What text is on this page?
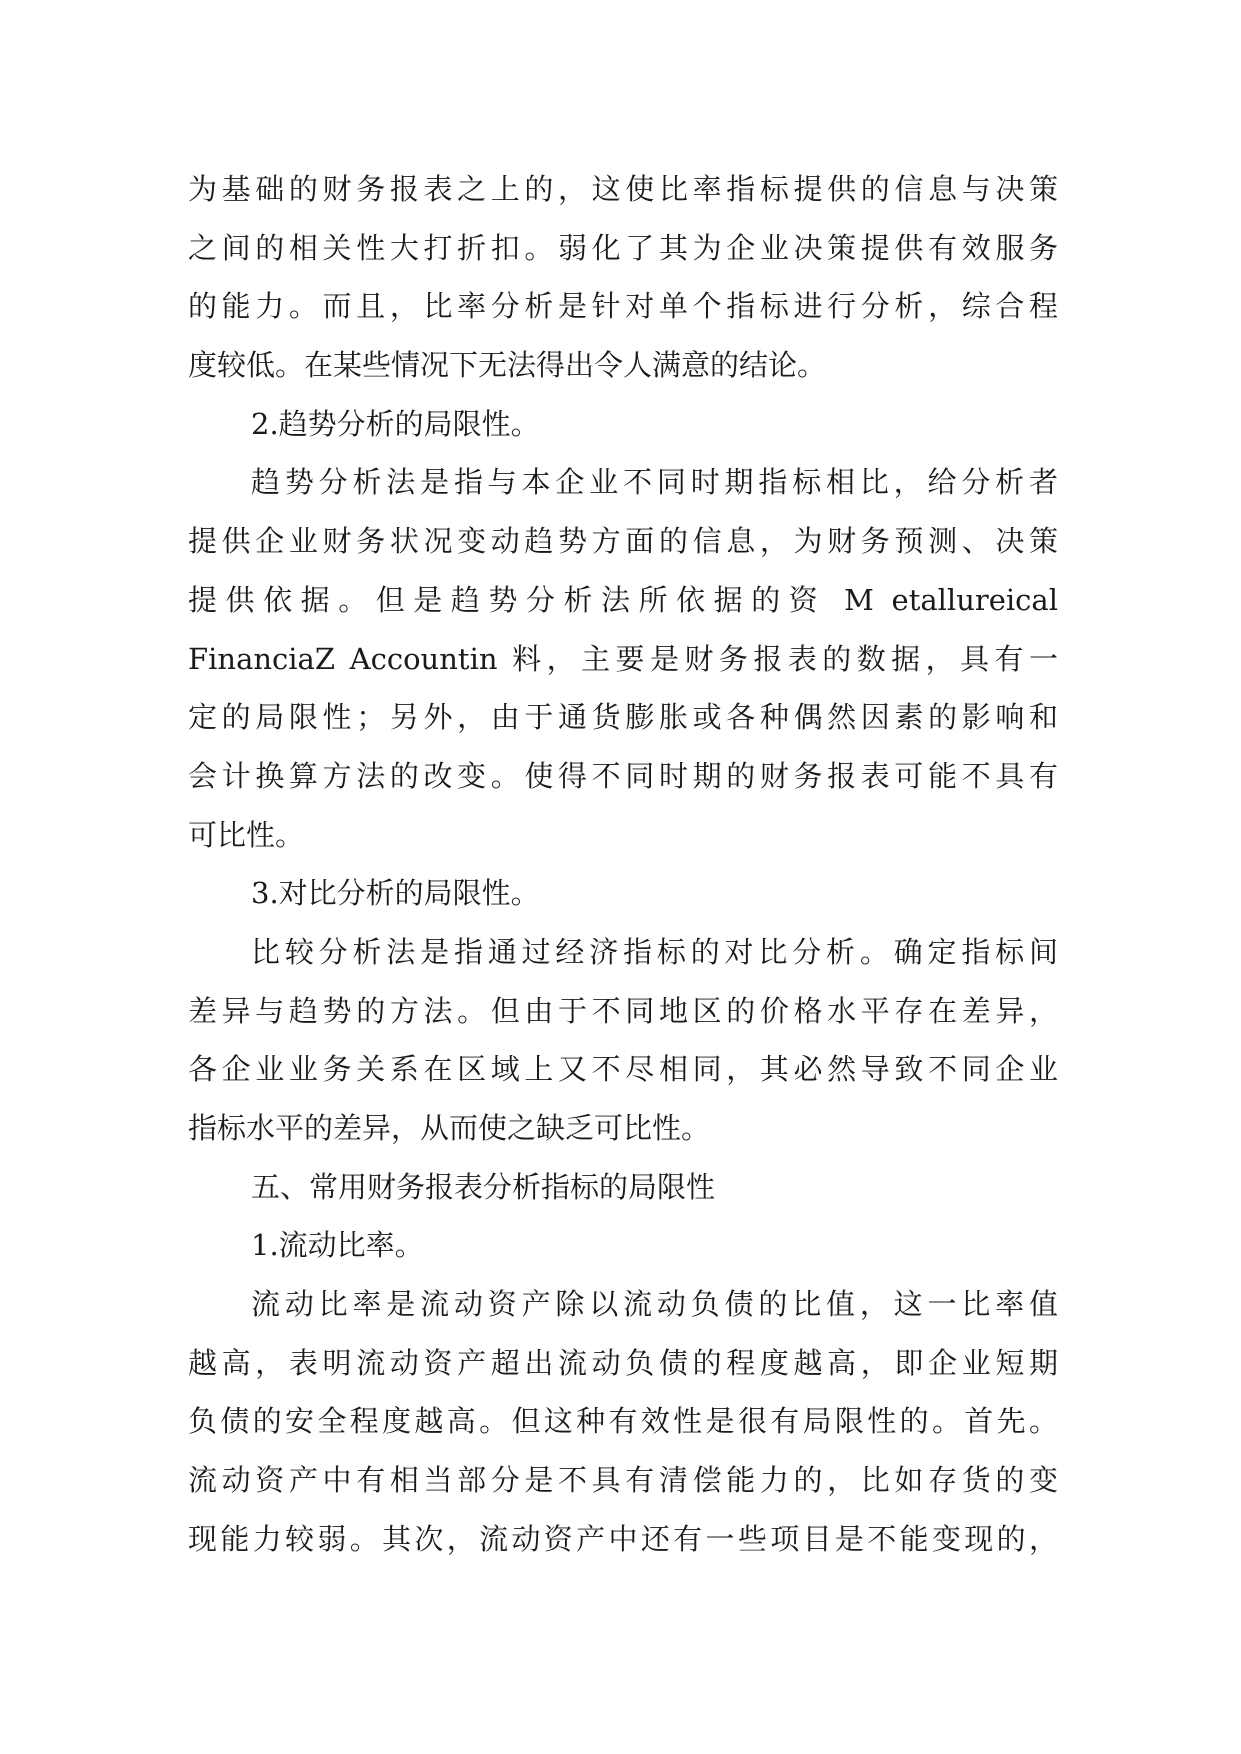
为基础的财务报表之上的，这使比率指标提供的信息与决策
之间的相关性大打折扣。弱化了其为企业决策提供有效服务
的能力。而且，比率分析是针对单个指标进行分析，综合程
度较低。在某些情况下无法得出令人满意的结论。
2.趋势分析的局限性。
趋势分析法是指与本企业不同时期指标相比，给分析者
提供企业财务状况变动趋势方面的信息，为财务预测、决策
提供依据。但是趋势分析法所依据的资 M etallureical
FinanciaZ Accountin 料，主要是财务报表的数据，具有一
定的局限性；另外，由于通货膨胀或各种偶然因素的影响和
会计换算方法的改变。使得不同时期的财务报表可能不具有
可比性。
3.对比分析的局限性。
比较分析法是指通过经济指标的对比分析。确定指标间
差异与趋势的方法。但由于不同地区的价格水平存在差异，
各企业业务关系在区域上又不尽相同，其必然导致不同企业
指标水平的差异，从而使之缺乏可比性。
五、常用财务报表分析指标的局限性
1.流动比率。
流动比率是流动资产除以流动负债的比值，这一比率值
越高，表明流动资产超出流动负债的程度越高，即企业短期
负债的安全程度越高。但这种有效性是很有局限性的。首先。
流动资产中有相当部分是不具有清偿能力的，比如存货的变
现能力较弱。其次，流动资产中还有一些项目是不能变现的，
